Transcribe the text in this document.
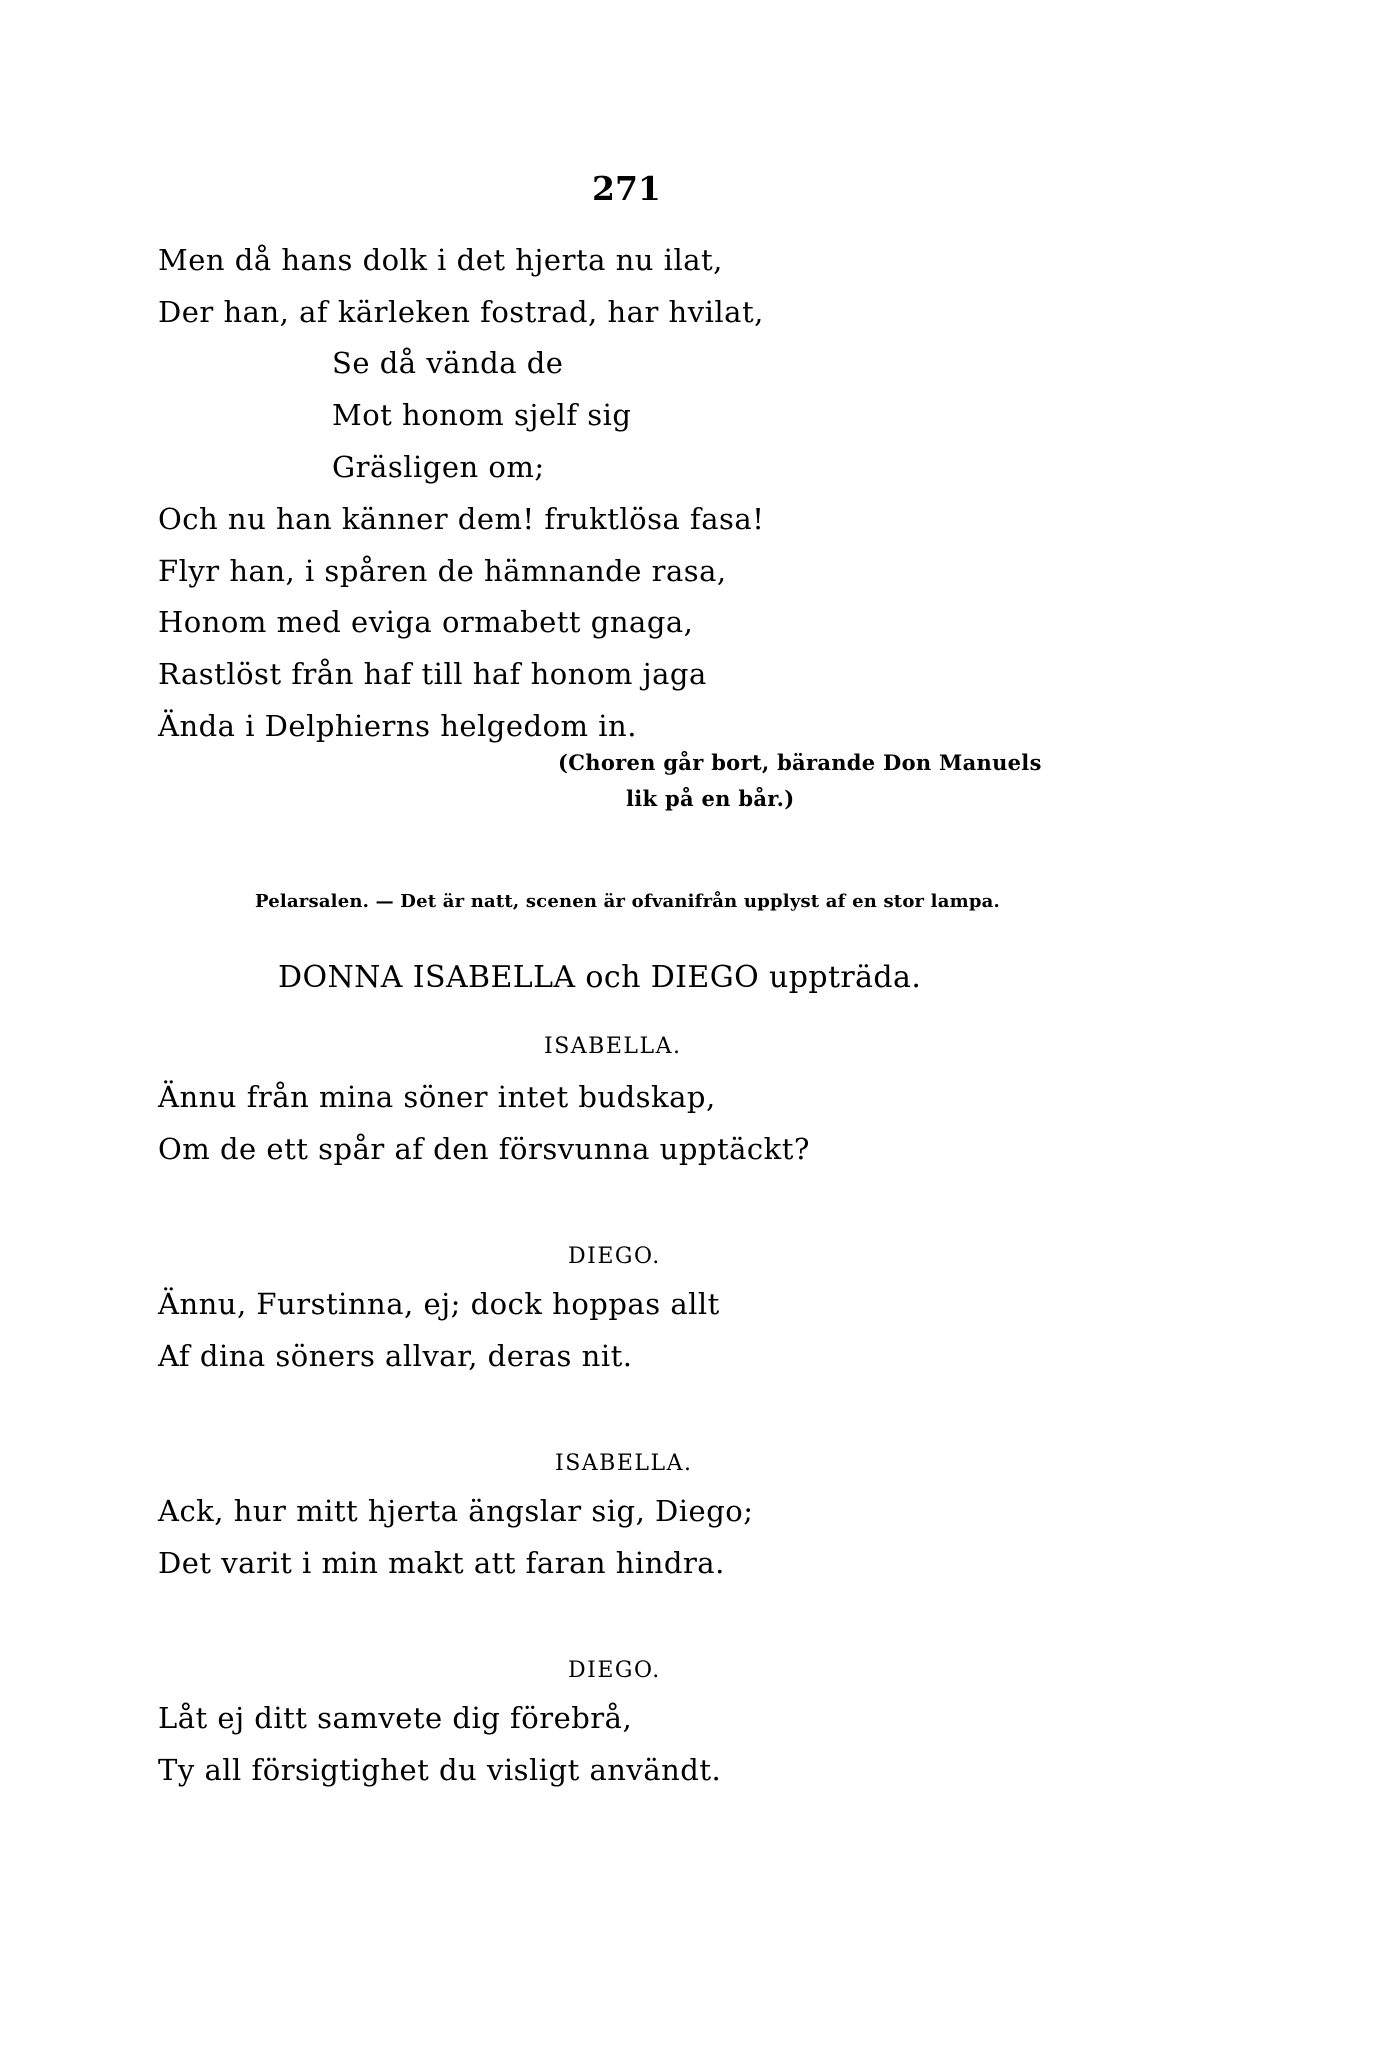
271
Men då hans dolk i det hjerta nu ilat,
Der han, af kärleken fostrad, har hvilat,
Se då vända de
Mot honom sjelf sig
Gräsligen om;
Och nu han känner dem! fruktlösa fasa!
Flyr han, i spåren de hämnande rasa,
Honom med eviga ormabett gnaga,
Rastlöst från haf till haf honom jaga
Ända i Delphierns helgedom in.
(Choren går bort, bärande Don Manuels
lik på en bår.)
Pelarsalen. — Det är natt, scenen är ofvanifrån upplyst af en stor lampa.
DONNA ISABELLA och DIEGO uppträda.
ISABELLA.
Ännu från mina söner intet budskap,
Om de ett spår af den försvunna upptäckt?
DIEGO.
Ännu, Furstinna, ej; dock hoppas allt
Af dina söners allvar, deras nit.
ISABELLA.
Ack, hur mitt hjerta ängslar sig, Diego;
Det varit i min makt att faran hindra.
DIEGO.
Låt ej ditt samvete dig förebrå,
Ty all försigtighet du visligt användt.
